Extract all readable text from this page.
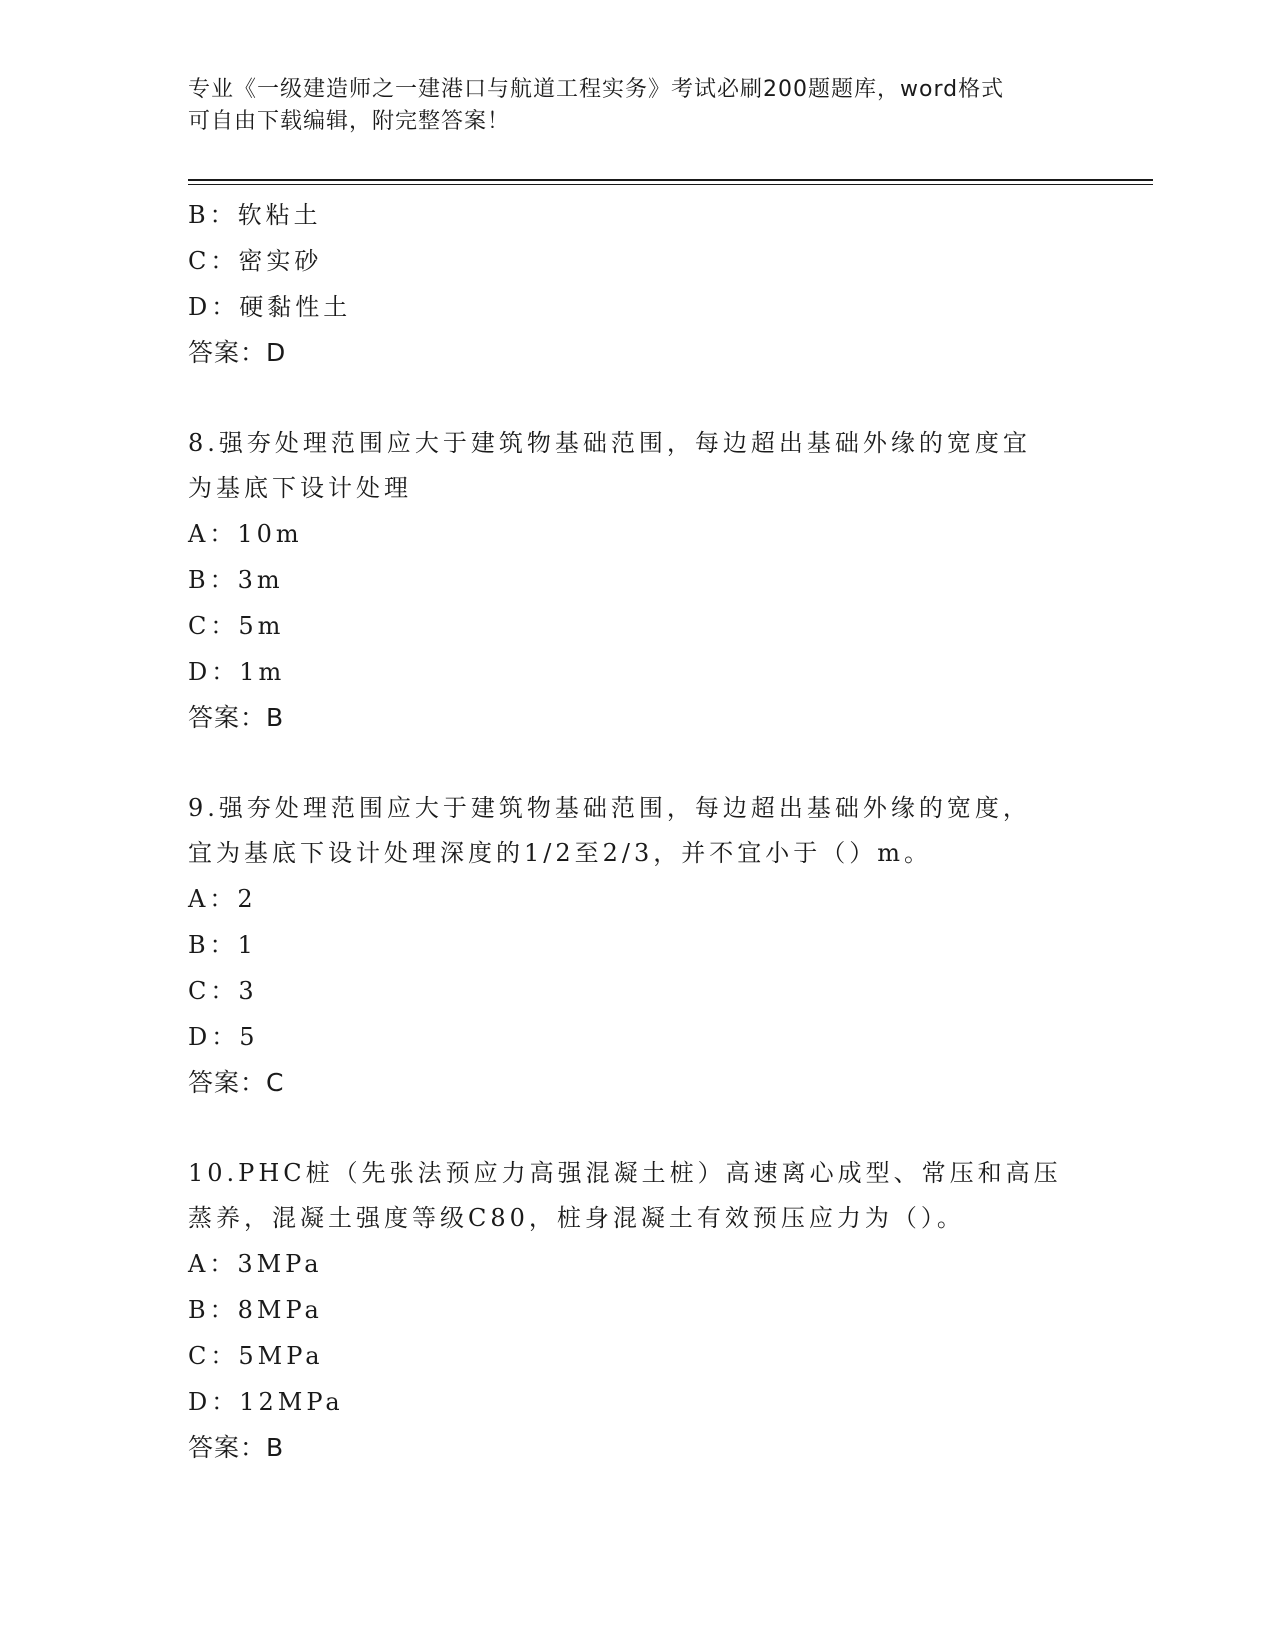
专业《一级建造师之一建港口与航道工程实务》考试必刷200题题库，word格式
可自由下载编辑，附完整答案！
B：软粘土
C：密实砂
D：硬黏性土
答案：D
8.强夯处理范围应大于建筑物基础范围，每边超出基础外缘的宽度宜
为基底下设计处理
A：10m
B：3m
C：5m
D：1m
答案：B
9.强夯处理范围应大于建筑物基础范围，每边超出基础外缘的宽度，
宜为基底下设计处理深度的1/2至2/3，并不宜小于（）m。
A：2
B：1
C：3
D：5
答案：C
10.PHC桩（先张法预应力高强混凝土桩）高速离心成型、常压和高压
蒸养，混凝土强度等级C80，桩身混凝土有效预压应力为（）。
A：3MPa
B：8MPa
C：5MPa
D：12MPa
答案：B
